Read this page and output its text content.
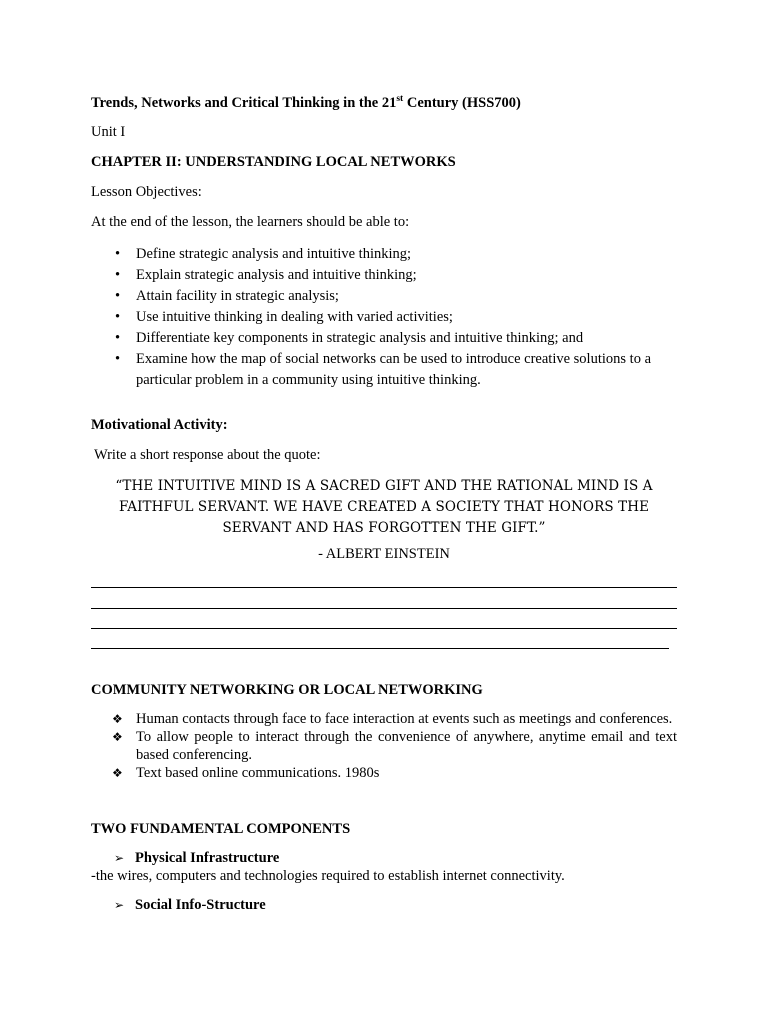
Trends, Networks and Critical Thinking in the 21st Century (HSS700)
Unit I
CHAPTER II: UNDERSTANDING LOCAL NETWORKS
Lesson Objectives:
At the end of the lesson, the learners should be able to:
• Define strategic analysis and intuitive thinking;
• Explain strategic analysis and intuitive thinking;
• Attain facility in strategic analysis;
• Use intuitive thinking in dealing with varied activities;
• Differentiate key components in strategic analysis and intuitive thinking; and
• Examine how the map of social networks can be used to introduce creative solutions to a particular problem in a community using intuitive thinking.
Motivational Activity:
Write a short response about the quote:
“THE INTUITIVE MIND IS A SACRED GIFT AND THE RATIONAL MIND IS A
FAITHFUL SERVANT. WE HAVE CREATED A SOCIETY THAT HONORS THE
SERVANT AND HAS FORGOTTEN THE GIFT.”
- ALBERT EINSTEIN
COMMUNITY NETWORKING OR LOCAL NETWORKING
❖ Human contacts through face to face interaction at events such as meetings and conferences.
❖ To allow people to interact through the convenience of anywhere, anytime email and text based conferencing.
❖ Text based online communications. 1980s
TWO FUNDAMENTAL COMPONENTS
➢ Physical Infrastructure
-the wires, computers and technologies required to establish internet connectivity.
➢ Social Info-Structure
